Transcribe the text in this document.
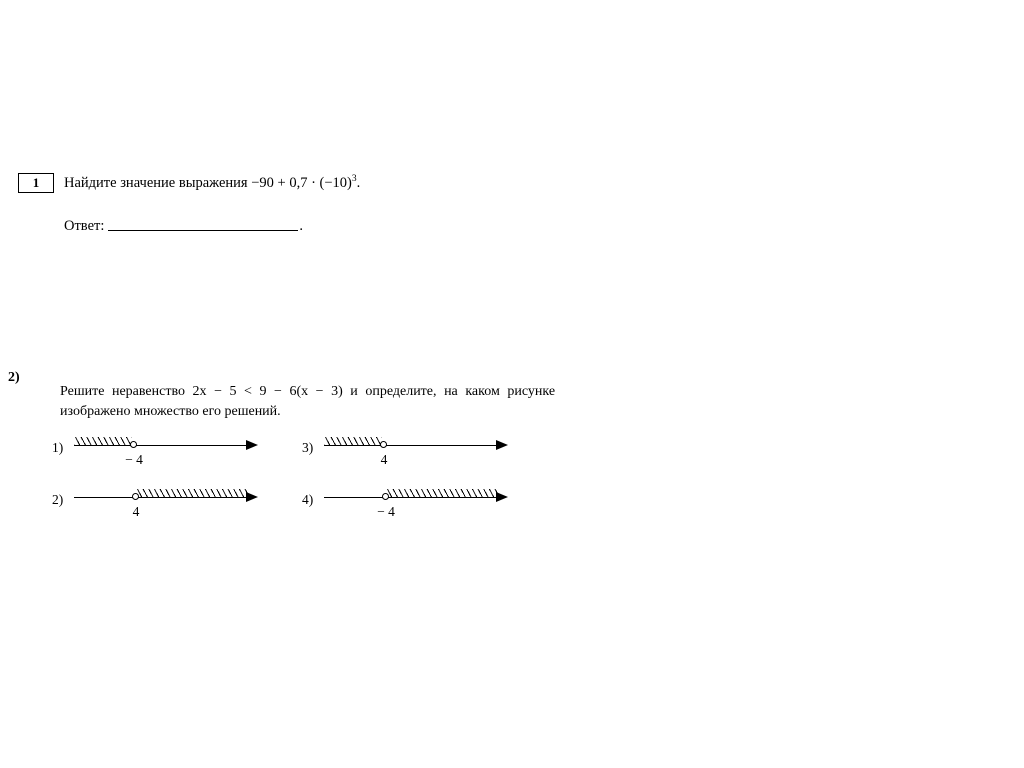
1	Найдите значение выражения $-90 + 0,7 \cdot (-10)^3$.
Ответ:	.
2)
Решите неравенство 2x − 5 < 9 − 6(x − 3) и определите, на каком рисунке
изображено множество его решений.
1)
− 4
2)
4
3)
4
4)
− 4
